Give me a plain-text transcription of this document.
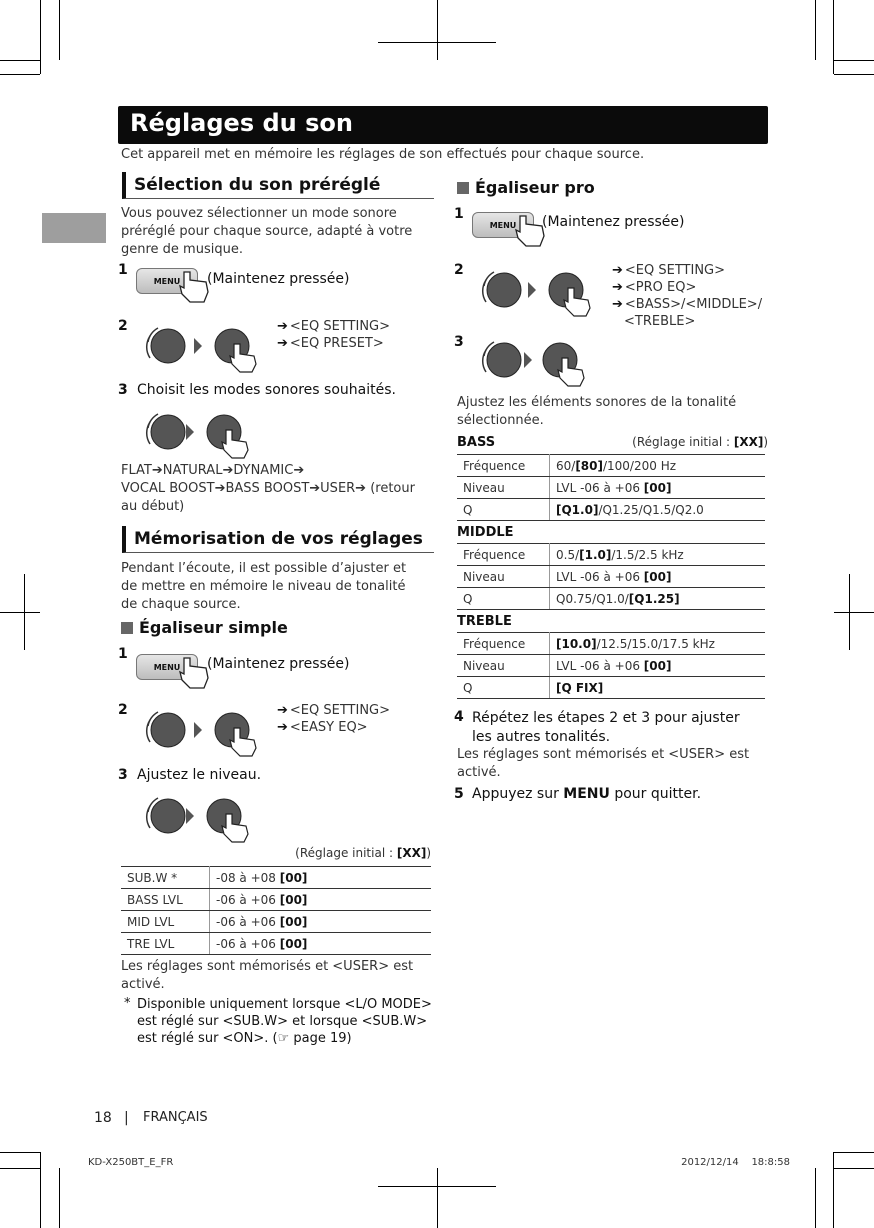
Réglages du son
Cet appareil met en mémoire les réglages de son effectués pour chaque source.
Sélection du son préréglé
Vous pouvez sélectionner un mode sonore préréglé pour chaque source, adapté à votre genre de musique.
1
MENU	(Maintenez pressée)
2	➔ <EQ SETTING>
➔ <EQ PRESET>
3 Choisit les modes sonores souhaités.
FLAT➔NATURAL➔DYNAMIC➔
VOCAL BOOST➔BASS BOOST➔USER➔ (retour au début)
Mémorisation de vos réglages
Pendant l’écoute, il est possible d’ajuster et de mettre en mémoire le niveau de tonalité de chaque source.
Égaliseur simple
1
MENU	(Maintenez pressée)
2	➔ <EQ SETTING>
➔ <EASY EQ>
3 Ajustez le niveau.
(Réglage initial : [XX])
SUB.W *	-08 à +08 [00]
BASS LVL	-06 à +06 [00]
MID LVL	-06 à +06 [00]
TRE LVL	-06 à +06 [00]
Les réglages sont mémorisés et <USER> est activé.
* Disponible uniquement lorsque <L/O MODE> est réglé sur <SUB.W> et lorsque <SUB.W> est réglé sur <ON>. (☞ page 19)
Égaliseur pro
1
MENU	(Maintenez pressée)
2	➔ <EQ SETTING>
➔ <PRO EQ>
➔ <BASS>/<MIDDLE>/
<TREBLE>
3
Ajustez les éléments sonores de la tonalité sélectionnée.
BASS	(Réglage initial : [XX])
Fréquence	60/[80]/100/200 Hz
Niveau	LVL -06 à +06 [00]
Q	[Q1.0]/Q1.25/Q1.5/Q2.0
MIDDLE
Fréquence	0.5/[1.0]/1.5/2.5 kHz
Niveau	LVL -06 à +06 [00]
Q	Q0.75/Q1.0/[Q1.25]
TREBLE
Fréquence	[10.0]/12.5/15.0/17.5 kHz
Niveau	LVL -06 à +06 [00]
Q	[Q FIX]
4 Répétez les étapes 2 et 3 pour ajuster les autres tonalités.
Les réglages sont mémorisés et <USER> est activé.
5 Appuyez sur MENU pour quitter.
18 | FRANÇAIS
KD-X250BT_E_FR	2012/12/14    18:8:58
